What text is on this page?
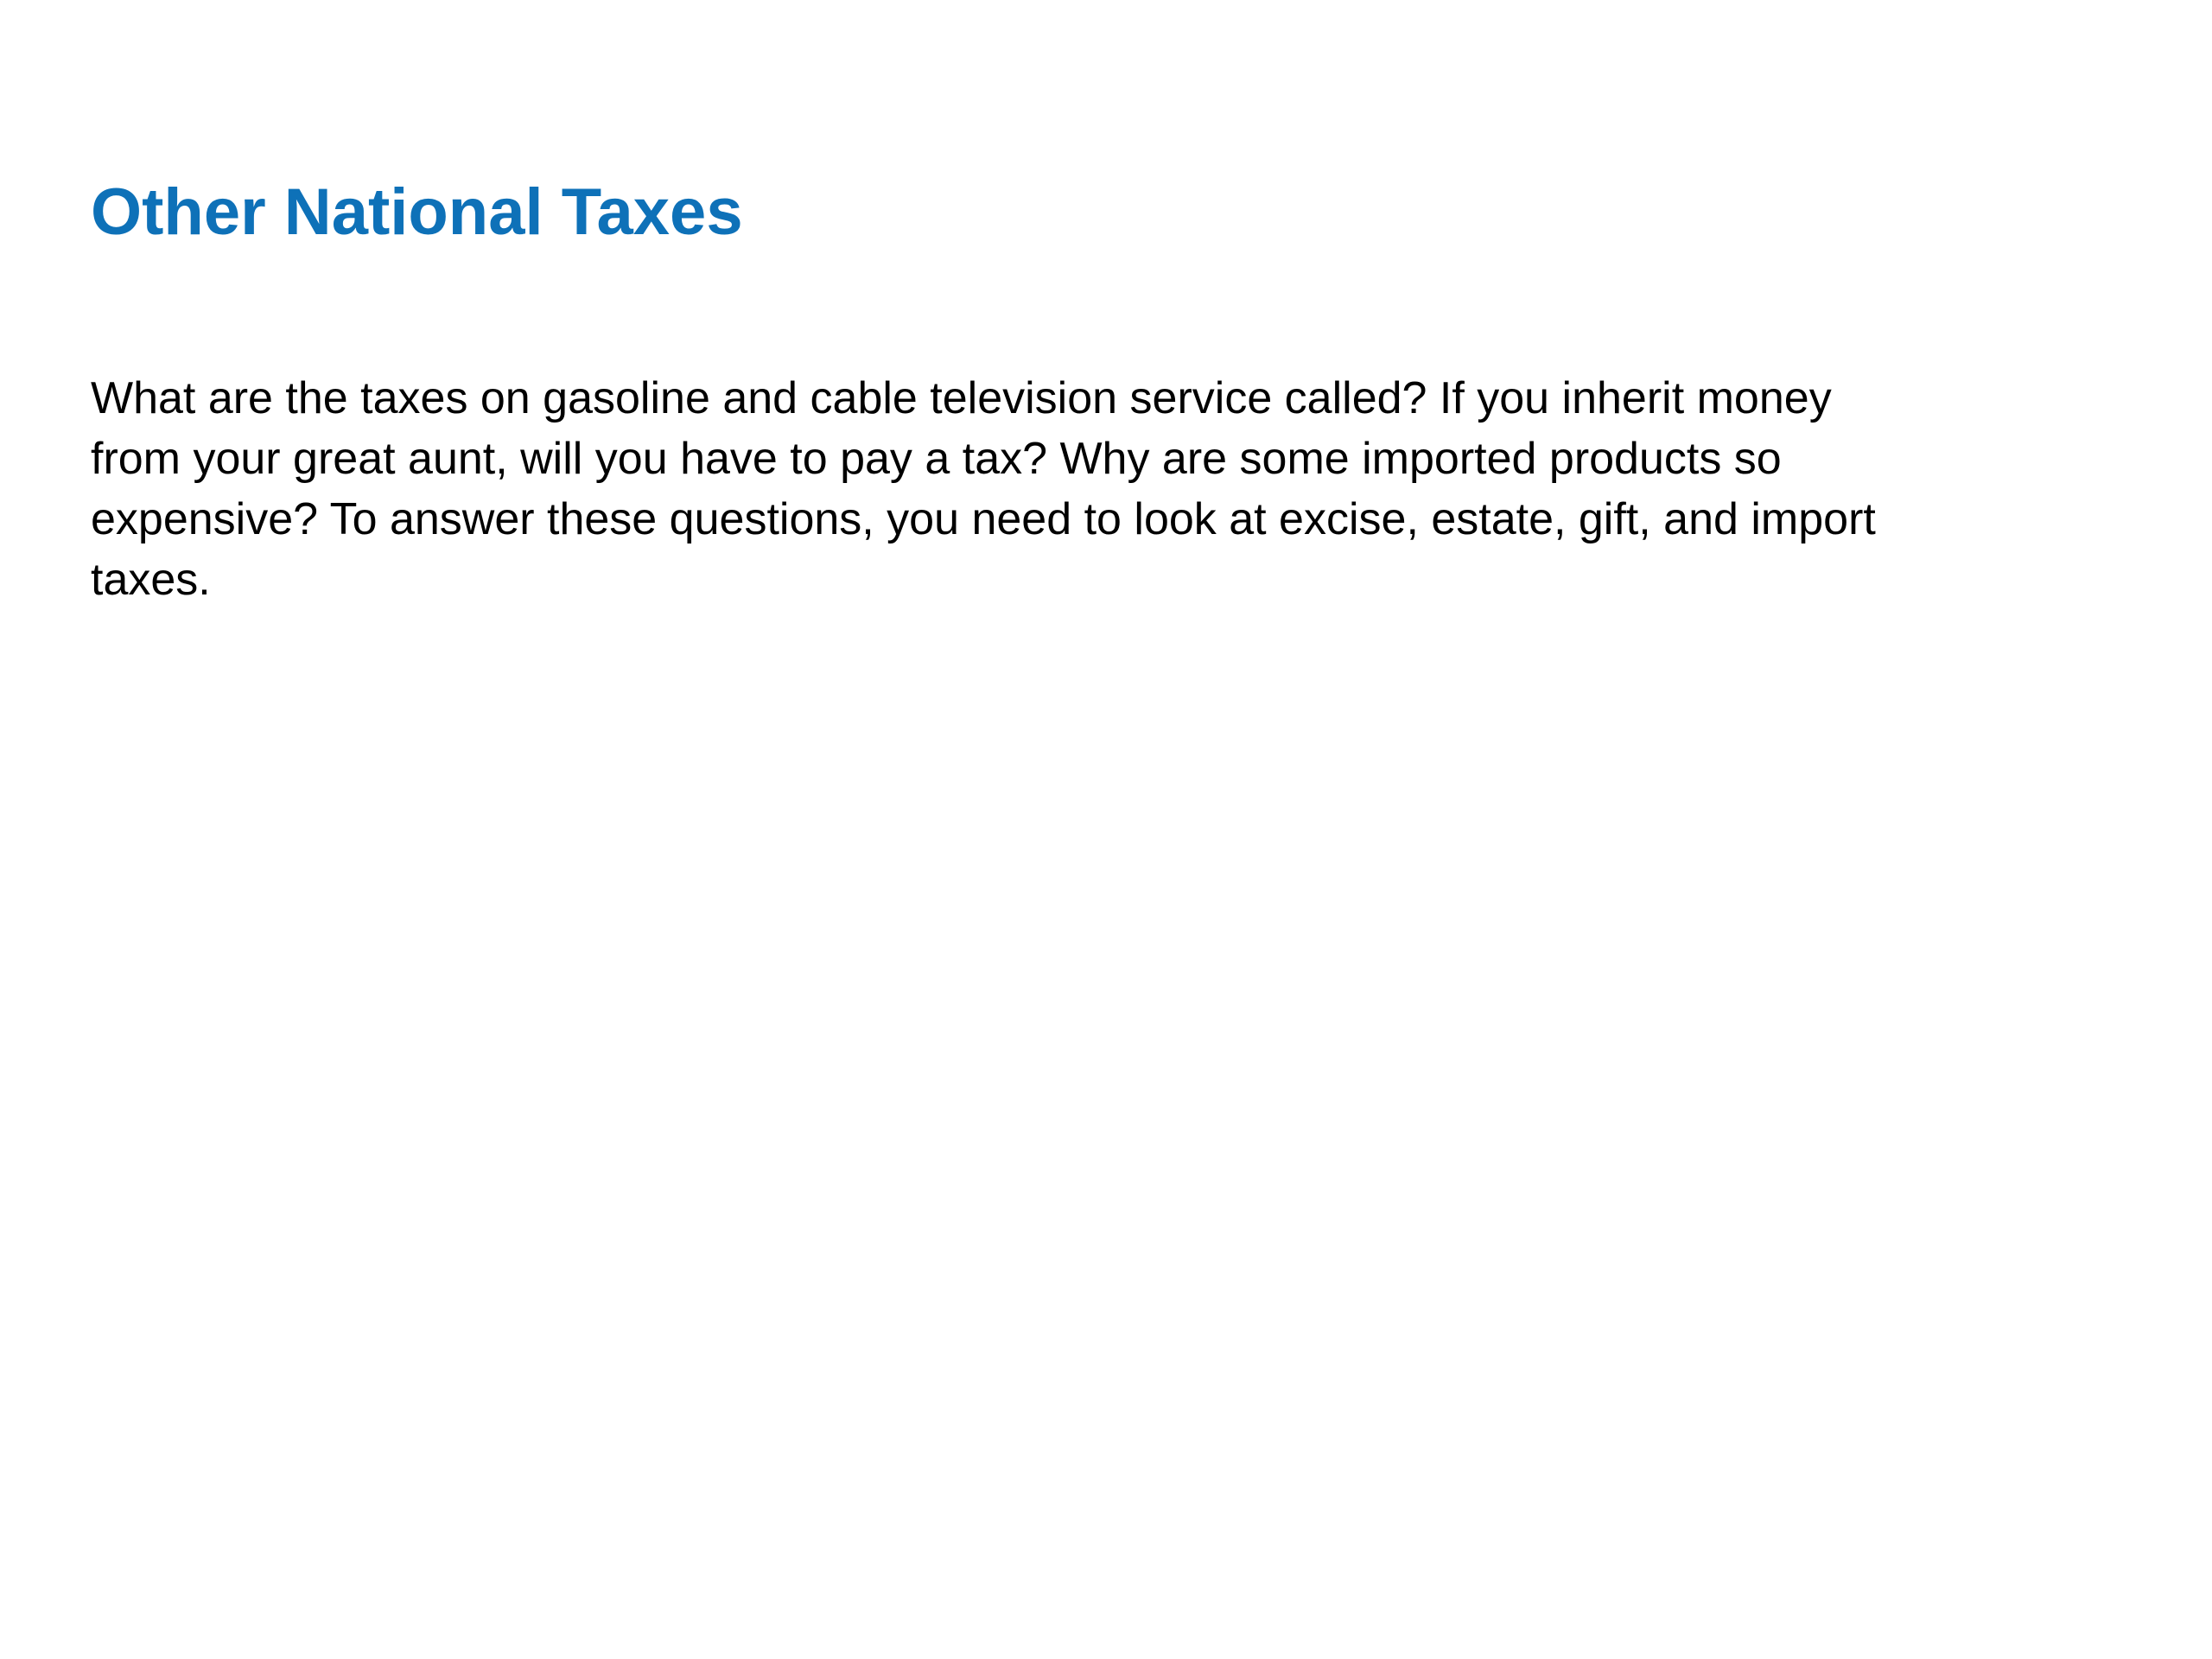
Other National Taxes

What are the taxes on gasoline and cable television service called? If you inherit money from your great aunt, will you have to pay a tax? Why are some imported products so expensive? To answer these questions, you need to look at excise, estate, gift, and import taxes.
